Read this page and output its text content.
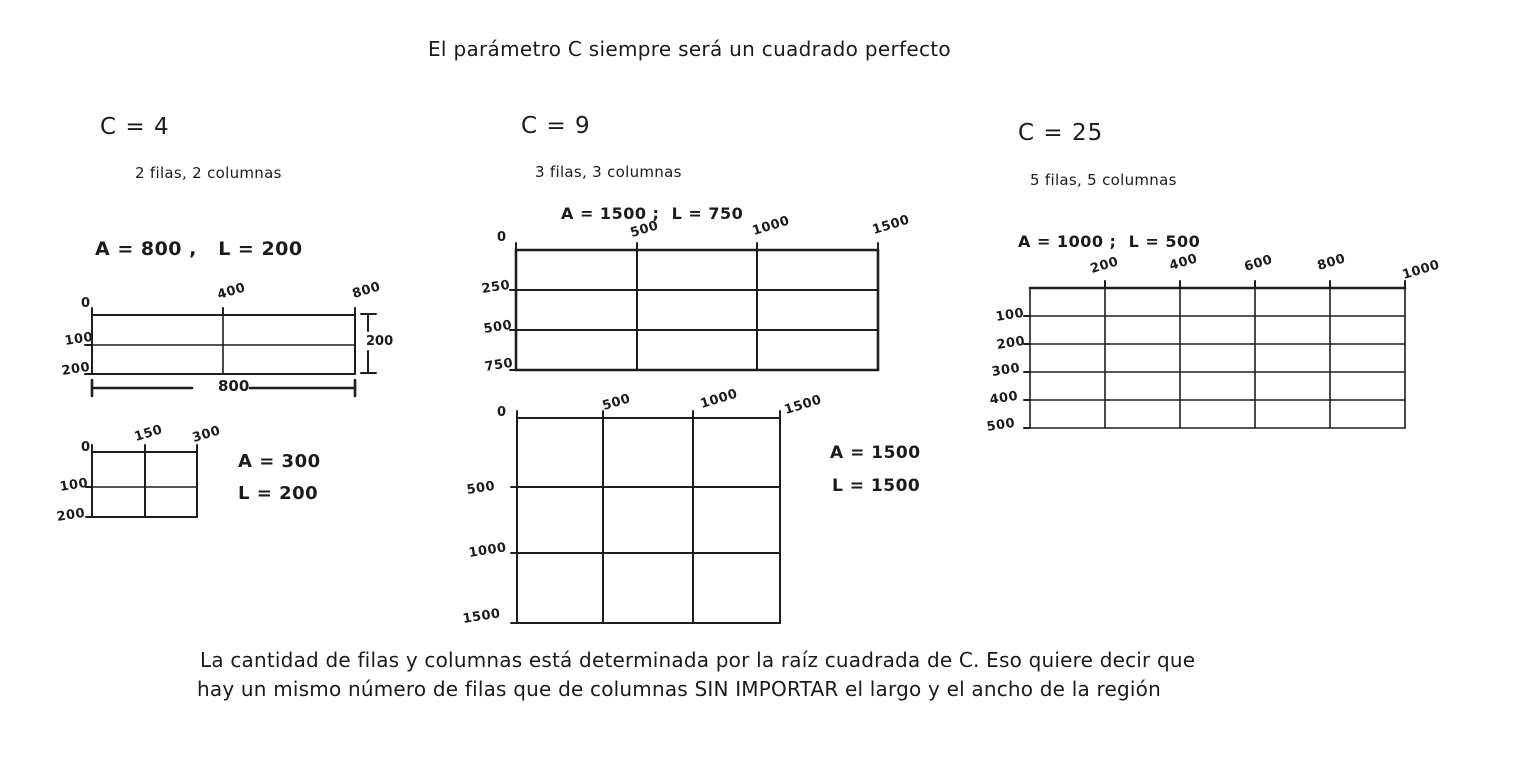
El parámetro C siempre será un cuadrado perfecto
C = 4
2 filas, 2 columnas
A = 800 ,   L = 200
0
400	800
100
200
200
800
0
150 300
100
200
A = 300
L = 200
C = 9
3 filas, 3 columnas
A = 1500 ;  L = 750
0	500	1000	1500
250
500
750
0	500	1000	1500
500
1000
1500
A = 1500
L = 1500
C = 25
5 filas, 5 columnas
A = 1000 ;  L = 500
200	400	600	800	1000
100
200
300
400
500
La cantidad de filas y columnas está determinada por la raíz cuadrada de C. Eso quiere decir que
hay un mismo número de filas que de columnas SIN IMPORTAR el largo y el ancho de la región
